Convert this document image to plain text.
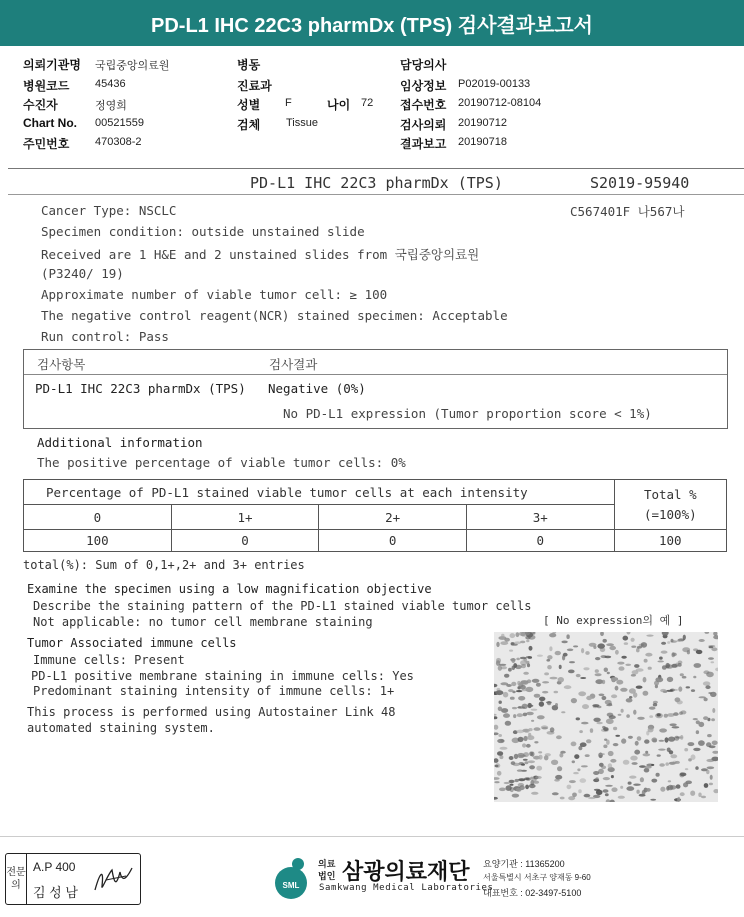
PD-L1 IHC 22C3 pharmDx (TPS) 검사결과보고서
의뢰기관명 국립중앙의료원
병원코드 45436
수진자	정영희
Chart No. 00521559
주민번호 470308-2
병동
진료과
성별 F	나이 72
검체 Tissue
담당의사
임상정보 P02019-00133
접수번호 20190712-08104
검사의뢰 20190712
결과보고 20190718
PD-L1 IHC 22C3 pharmDx (TPS)	S2019-95940
C567401F 나567나
Cancer Type: NSCLC
Specimen condition: outside unstained slide
Received are 1 H&E and 2 unstained slides from 국립중앙의료원
(P3240/ 19)
Approximate number of viable tumor cell: ≥ 100
The negative control reagent(NCR) stained specimen: Acceptable
Run control: Pass
검사항목	검사결과
PD-L1 IHC 22C3 pharmDx (TPS) Negative (0%)
No PD-L1 expression (Tumor proportion score < 1%)
Additional information
The positive percentage of viable tumor cells: 0%
Percentage of PD-L1 stained viable tumor cells at each intensity				Total %
(=100%)

0	1+	2+	3+	
100	0	0	0	100
total(%): Sum of 0,1+,2+ and 3+ entries
Examine the specimen using a low magnification objective
Describe the staining pattern of the PD-L1 stained viable tumor cells
Not applicable: no tumor cell membrane staining	[ No expression의 예 ]
Tumor Associated immune cells
Immune cells: Present
PD-L1 positive membrane staining in immune cells: Yes
Predominant staining intensity of immune cells: 1+
This process is performed using Autostainer Link 48
automated staining system.
전문의
A.P 400
김 성 남	SML
의료
법인 삼광의료재단
Samkwang Medical Laboratories
요양기관 : 11365200
서울특별시 서초구 양재동 9-60
대표번호 : 02-3497-5100
